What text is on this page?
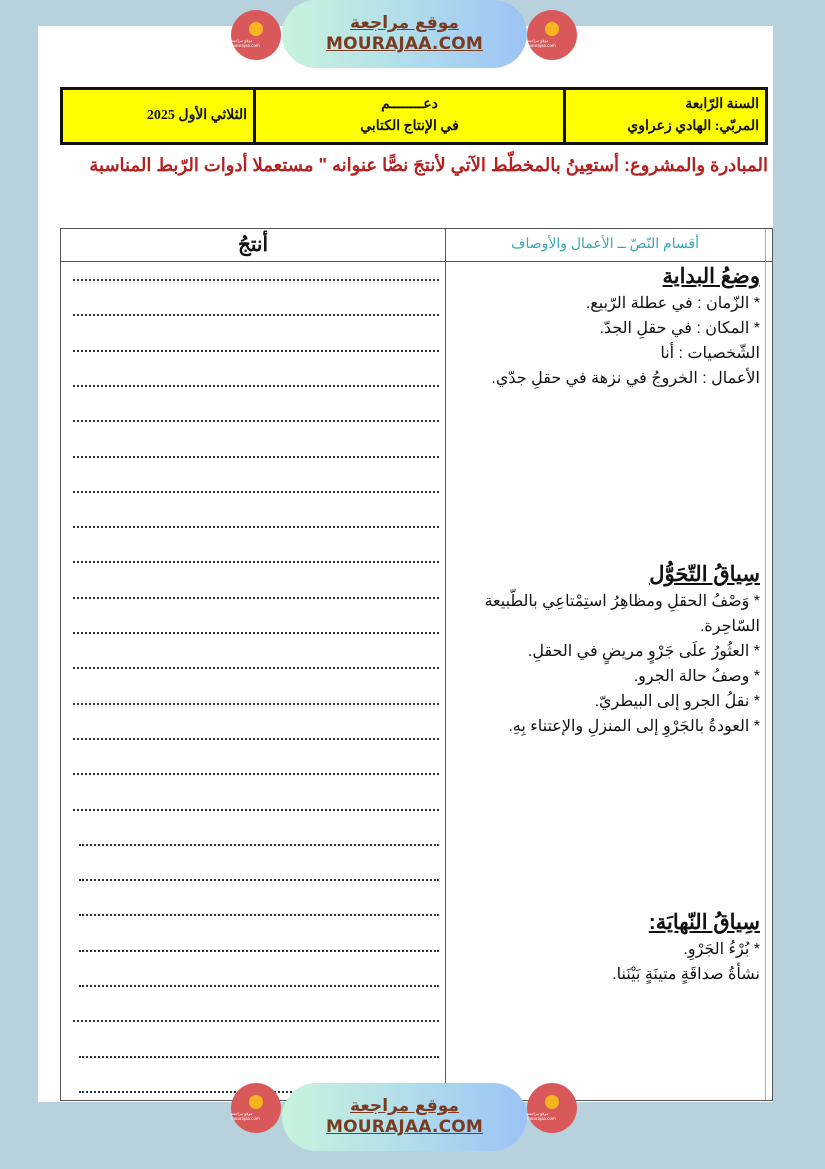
موقع مراجعة mourajaa.com
موقع مراجعة
MOURAJAA.COM	موقع مراجعة mourajaa.com
الثلاثي الأول 2025
دعــــــــم
في الإنتاج الكتابي
السنة الرّابعة
المربّي: الهادي زعراوي
المبادرة والمشروع: أستعِينُ بالمخطّط الآتي لأنتجَ نصًّا عنوانه " مستعملا أدوات الرّبط المناسبة
أنتجُ	أقسام النّصّ ــ الأعمال والأوصاف
وضعُ البداية
* الزّمان : في عطلة الرّبيع.
* المكان : في حقلِ الجدّ.
الشّخصيات : أنا
الأعمال : الخروجُ في نزهة في حقلِ جدّي.
سِياقُ التّحَوُّل
* وَصْفُ الحقلِ ومظاهِرُ استِمْتاعِي بالطّبيعة
السّاحِرة.
* العثُورُ علَى جَرْوٍ مريضٍ في الحقلِ.
* وصفُ حالة الجرو.
* نقلُ الجرو إلى البيطريّ.
* العودةُ بالجَرْوِ إلى المنزلِ والإعتناء بِهِ.
سِياقُ النّهايَة:
* بُرْءُ الجَرْوِ.
نشأةُ صداقَةٍ متينَةٍ بَيْنَنا.
موقع مراجعة mourajaa.com
موقع مراجعة
MOURAJAA.COM
موقع مراجعة mourajaa.com
